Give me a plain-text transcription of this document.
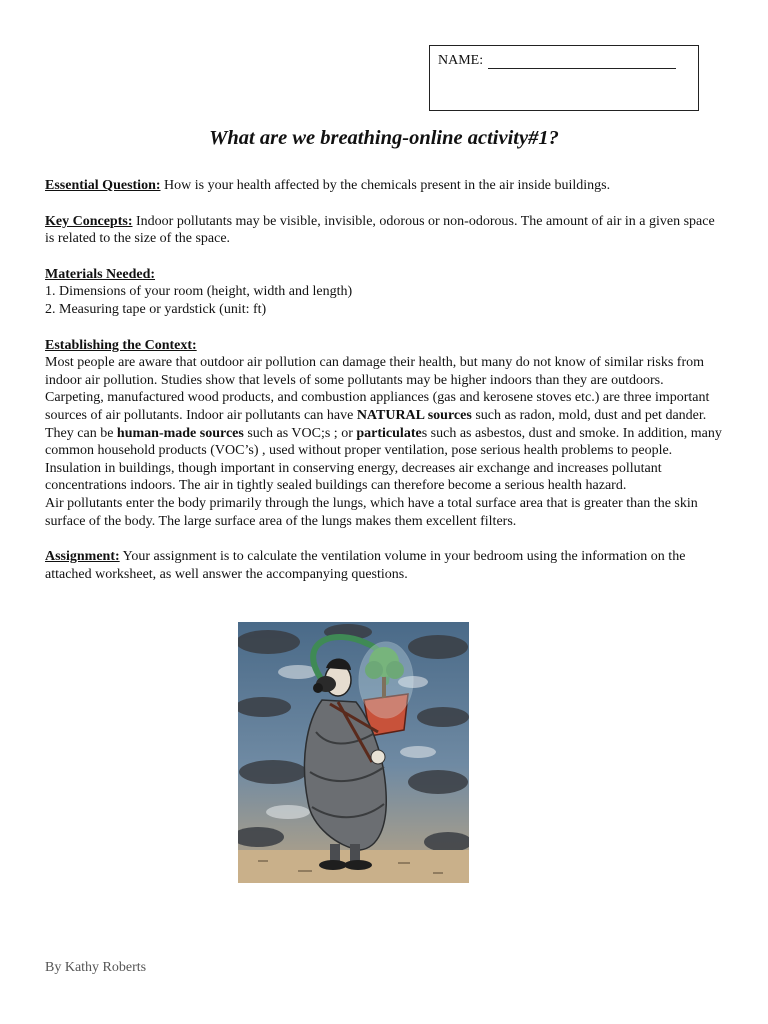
NAME:
What are we breathing-online activity#1?

Essential Question: How is your health affected by the chemicals present in the air inside buildings.

Key Concepts: Indoor pollutants may be visible, invisible, odorous or non-odorous. The amount of air in a given space is related to the size of the space.

Materials Needed:

1. Dimensions of your room (height, width and length)

2. Measuring tape or yardstick (unit: ft)

Establishing the Context:

Most people are aware that outdoor air pollution can damage their health, but many do not know of similar risks from indoor air pollution. Studies show that levels of some pollutants may be higher indoors than they are outdoors. Carpeting, manufactured wood products, and combustion appliances (gas and kerosene stoves etc.) are three important sources of air pollutants. Indoor air pollutants can have NATURAL sources such as radon, mold, dust and pet dander. They can be human-made sources such as VOC;s ; or particulates such as asbestos, dust and smoke. In addition, many common household products (VOC’s) , used without proper ventilation, pose serious health problems to people. Insulation in buildings, though important in conserving energy, decreases air exchange and increases pollutant concentrations indoors. The air in tightly sealed buildings can therefore become a serious health hazard.

Air pollutants enter the body primarily through the lungs, which have a total surface area that is greater than the skin surface of the body. The large surface area of the lungs makes them excellent filters.

Assignment: Your assignment is to calculate the ventilation volume in your bedroom using the information on the attached worksheet, as well answer the accompanying questions.

By Kathy Roberts
